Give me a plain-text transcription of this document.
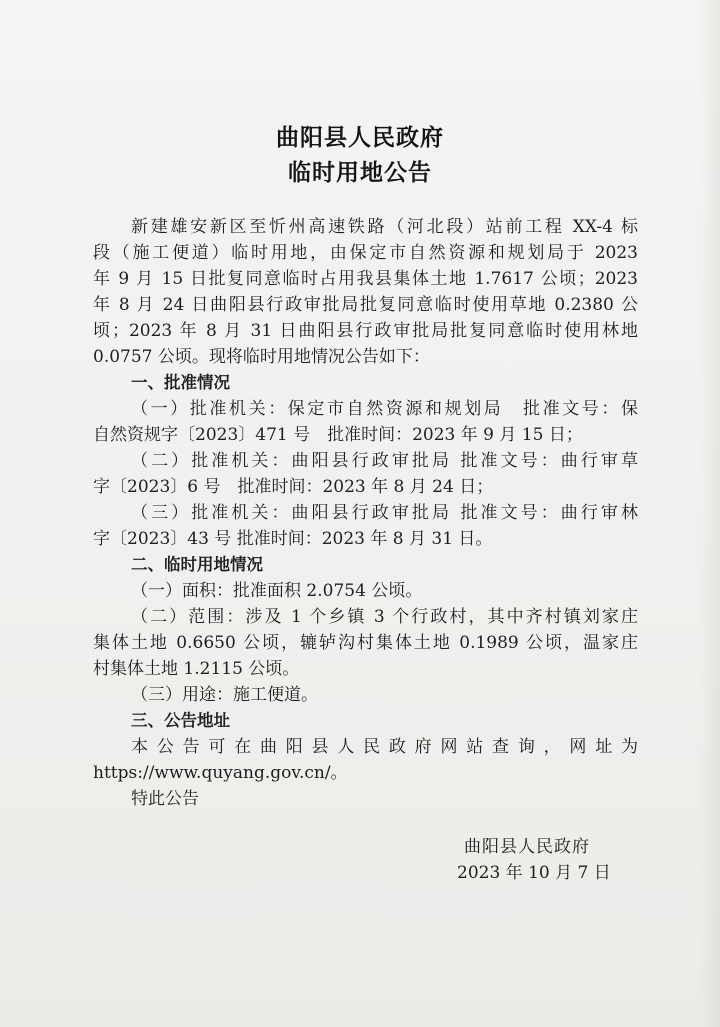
曲阳县人民政府
临时用地公告
新建雄安新区至忻州高速铁路（河北段）站前工程 XX-4 标
段（施工便道）临时用地，由保定市自然资源和规划局于 2023
年 9 月 15 日批复同意临时占用我县集体土地 1.7617 公顷；2023
年 8 月 24 日曲阳县行政审批局批复同意临时使用草地 0.2380 公
顷；2023 年 8 月 31 日曲阳县行政审批局批复同意临时使用林地
0.0757 公顷。现将临时用地情况公告如下：
一、批准情况
（一）批准机关：保定市自然资源和规划局　批准文号：保
自然资规字〔2023〕471 号　批准时间：2023 年 9 月 15 日；
（二）批准机关：曲阳县行政审批局 批准文号：曲行审草
字〔2023〕6 号　批准时间：2023 年 8 月 24 日；
（三）批准机关：曲阳县行政审批局 批准文号：曲行审林
字〔2023〕43 号 批准时间：2023 年 8 月 31 日。
二、临时用地情况
（一）面积：批准面积 2.0754 公顷。
（二）范围：涉及 1 个乡镇 3 个行政村，其中齐村镇刘家庄
集体土地 0.6650 公顷，辘轳沟村集体土地 0.1989 公顷，温家庄
村集体土地 1.2115 公顷。
（三）用途：施工便道。
三、公告地址
本公告可在曲阳县人民政府网站查询，网址为
https://www.quyang.gov.cn/。
特此公告
曲阳县人民政府
2023 年 10 月 7 日
